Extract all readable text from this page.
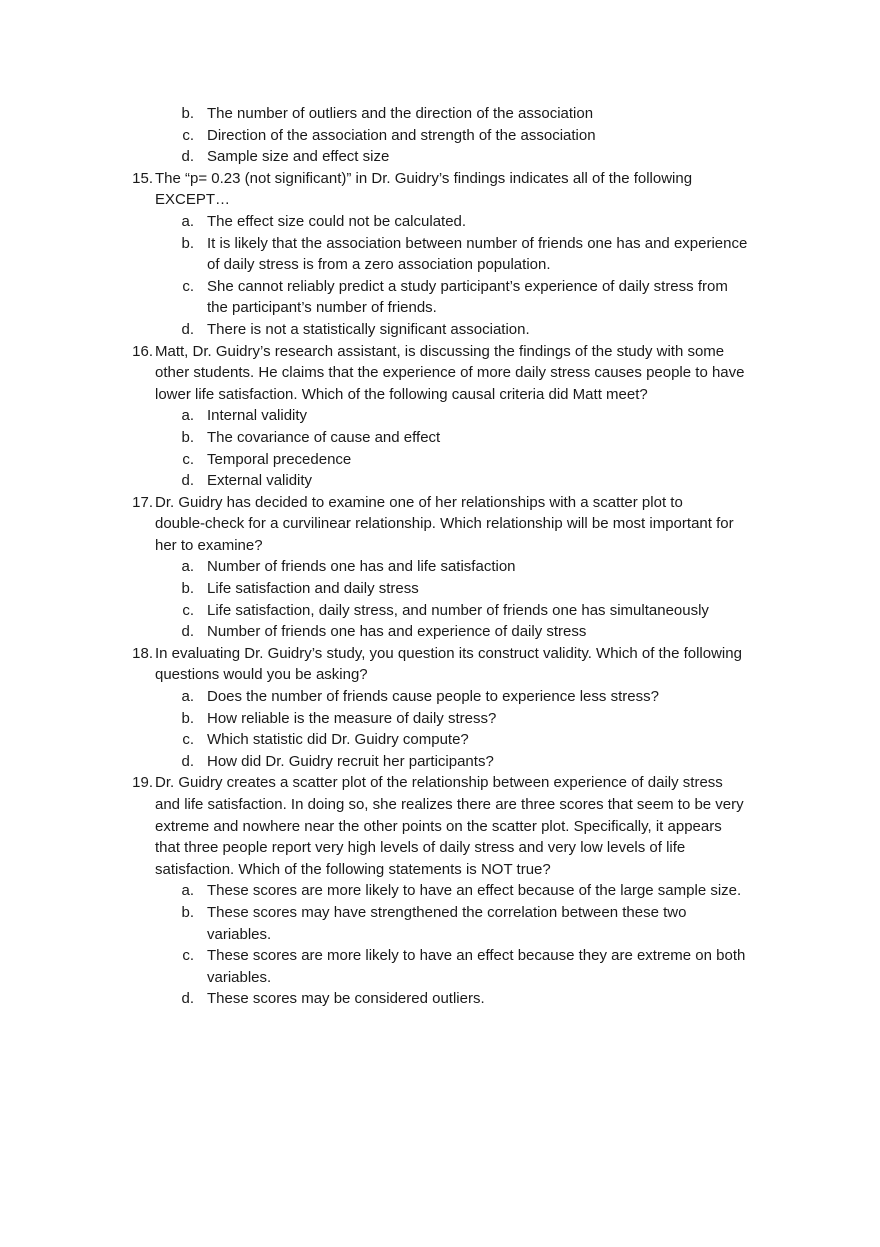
b. The number of outliers and the direction of the association
c. Direction of the association and strength of the association
d. Sample size and effect size
15. The “p= 0.23 (not significant)” in Dr. Guidry’s findings indicates all of the following
EXCEPT…
a. The effect size could not be calculated.
b. It is likely that the association between number of friends one has and experience
of daily stress is from a zero association population.
c. She cannot reliably predict a study participant’s experience of daily stress from
the participant’s number of friends.
d. There is not a statistically significant association.
16. Matt, Dr. Guidry’s research assistant, is discussing the findings of the study with some
other students. He claims that the experience of more daily stress causes people to have
lower life satisfaction. Which of the following causal criteria did Matt meet?
a. Internal validity
b. The covariance of cause and effect
c. Temporal precedence
d. External validity
17. Dr. Guidry has decided to examine one of her relationships with a scatter plot to
double-check for a curvilinear relationship. Which relationship will be most important for
her to examine?
a. Number of friends one has and life satisfaction
b. Life satisfaction and daily stress
c. Life satisfaction, daily stress, and number of friends one has simultaneously
d. Number of friends one has and experience of daily stress
18. In evaluating Dr. Guidry’s study, you question its construct validity. Which of the following
questions would you be asking?
a. Does the number of friends cause people to experience less stress?
b. How reliable is the measure of daily stress?
c. Which statistic did Dr. Guidry compute?
d. How did Dr. Guidry recruit her participants?
19. Dr. Guidry creates a scatter plot of the relationship between experience of daily stress
and life satisfaction. In doing so, she realizes there are three scores that seem to be very
extreme and nowhere near the other points on the scatter plot. Specifically, it appears
that three people report very high levels of daily stress and very low levels of life
satisfaction. Which of the following statements is NOT true?
a. These scores are more likely to have an effect because of the large sample size.
b. These scores may have strengthened the correlation between these two
variables.
c. These scores are more likely to have an effect because they are extreme on both
variables.
d. These scores may be considered outliers.
